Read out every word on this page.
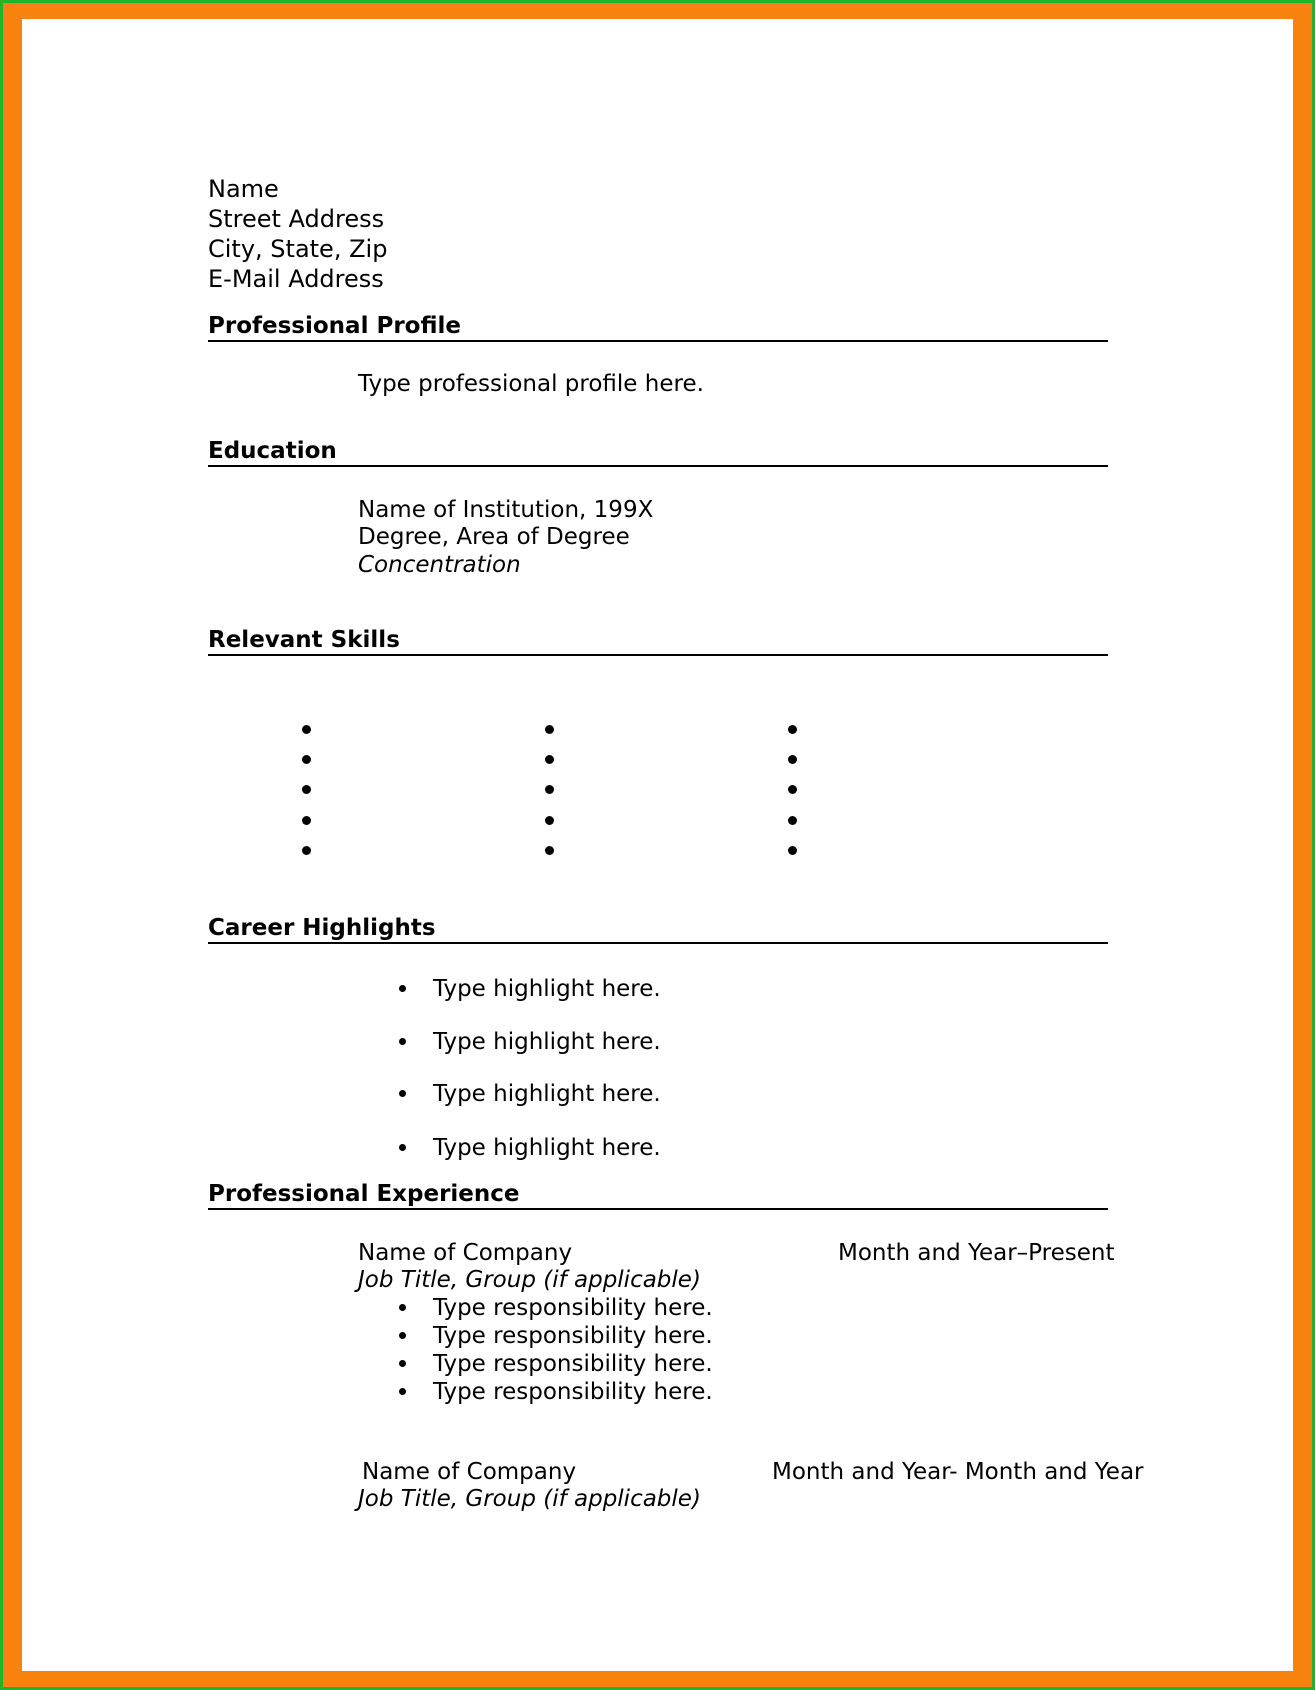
Name
Street Address
City, State, Zip
E-Mail Address
Professional Profile
Type professional profile here.
Education
Name of Institution, 199X
Degree, Area of Degree
Concentration
Relevant Skills
Career Highlights
Type highlight here.
Type highlight here.
Type highlight here.
Type highlight here.
Professional Experience
Name of Company	Month and Year–Present
Job Title, Group (if applicable)
Type responsibility here.
Type responsibility here.
Type responsibility here.
Type responsibility here.
Name of Company	Month and Year- Month and Year
Job Title, Group (if applicable)
